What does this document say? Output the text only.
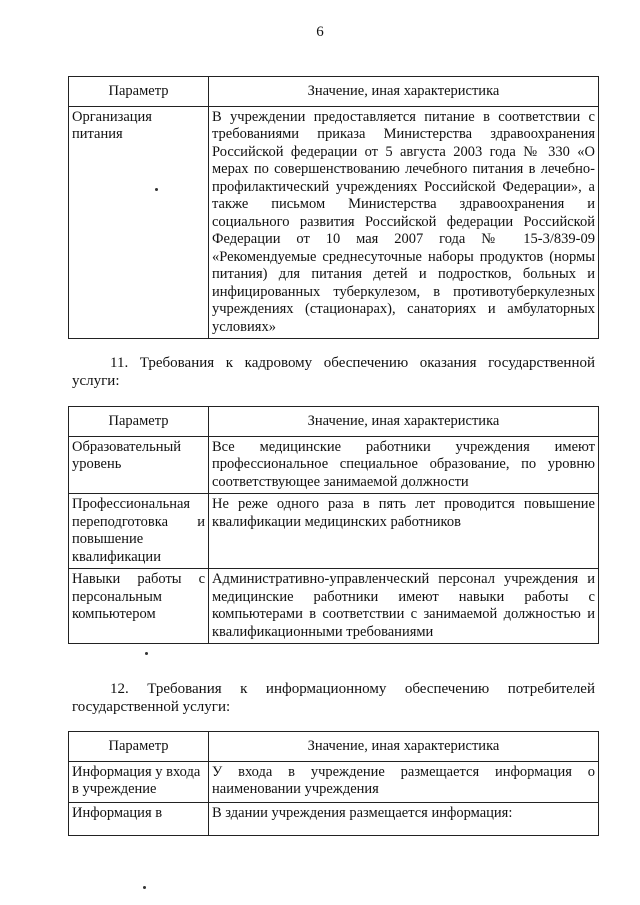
6
Параметр	Значение, иная характеристика
Организация питания	В учреждении предоставляется питание в соответствии с требованиями приказа Министерства здравоохранения Российской федерации от 5 августа 2003 года № 330 «О мерах по совершенствованию лечебного питания в лечебно-профилактический учреждениях Российской Федерации», а также письмом Министерства здравоохранения и социального развития Российской федерации Российской Федерации от 10 мая 2007 года № 15-3/839-09 «Рекомендуемые среднесуточные наборы продуктов (нормы питания) для питания детей и подростков, больных и инфицированных туберкулезом, в противотуберкулезных учреждениях (стационарах), санаториях и амбулаторных условиях»
11. Требования к кадровому обеспечению оказания государственной услуги:
Параметр	Значение, иная характеристика
Образовательный уровень	Все медицинские работники учреждения имеют профессиональное специальное образование, по уровню соответствующее занимаемой должности
Профессиональная переподготовка и повышение квалификации	Не реже одного раза в пять лет проводится повышение квалификации медицинских работников
Навыки работы с персональным компьютером	Административно-управленческий персонал учреждения и медицинские работники имеют навыки работы с компьютерами в соответствии с занимаемой должностью и квалификационными требованиями
12. Требования к информационному обеспечению потребителей государственной услуги:
Параметр	Значение, иная характеристика
Информация у входа в учреждение	У входа в учреждение размещается информация о наименовании учреждения
Информация в	В здании учреждения размещается информация:
